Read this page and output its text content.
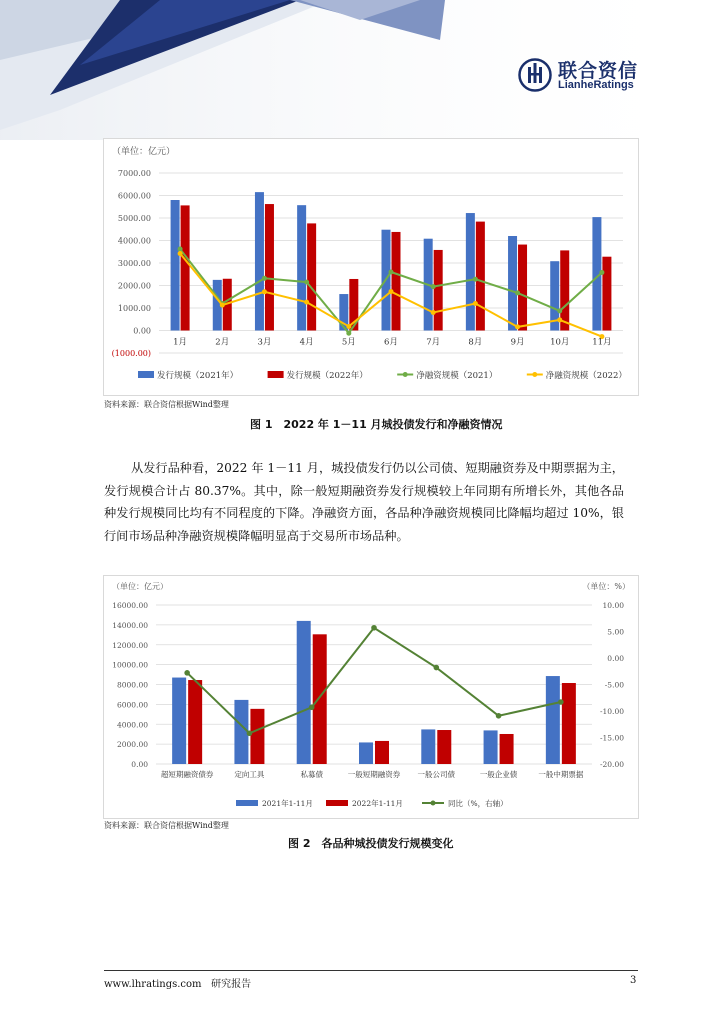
联合资信
LianheRatings
（单位：亿元）
(1000.00)
0.00
1000.00
2000.00
3000.00
4000.00
5000.00
6000.00
7000.00
1月	2月	3月	4月	5月	6月	7月	8月	9月	10月	11月
发行规模（2021年）	发行规模（2022年）	净融资规模（2021）	净融资规模（2022）
资料来源：联合资信根据Wind整理
图 1　2022 年 1－11 月城投债发行和净融资情况

从发行品种看，2022 年 1－11 月，城投债发行仍以公司债、短期融资券及中期票据为主，发行规模合计占 80.37%。其中，除一般短期融资券发行规模较上年同期有所增长外，其他各品种发行规模同比均有不同程度的下降。净融资方面，各品种净融资规模同比降幅均超过 10%，银行间市场品种净融资规模降幅明显高于交易所市场品种。

（单位：亿元）	（单位：%）
0.00
2000.00
4000.00
6000.00
8000.00
10000.00
12000.00
14000.00
16000.00
-20.00
-15.00
-10.00
-5.00
0.00
5.00
10.00
超短期融资债券	定向工具	私募债	一般短期融资券 一般公司债	一般企业债	一般中期票据
2021年1-11月	2022年1-11月	同比（%，右轴）
资料来源：联合资信根据Wind整理
图 2　各品种城投债发行规模变化
www.lhratings.com 研究报告	3
